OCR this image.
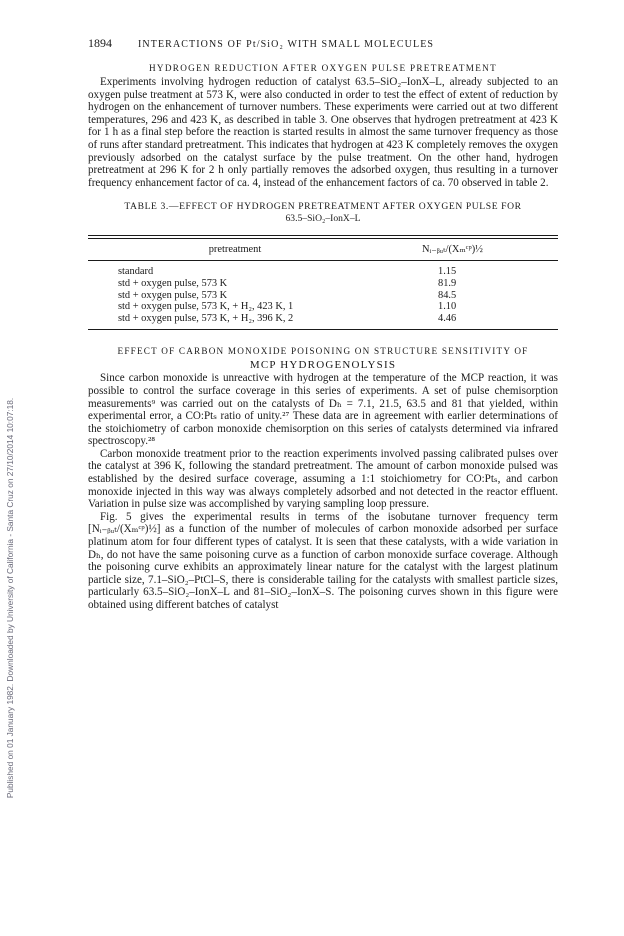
Published on 01 January 1982. Downloaded by University of California - Santa Cruz on 27/10/2014 10:07:18.
1894	INTERACTIONS OF Pt/SiO₂ WITH SMALL MOLECULES
HYDROGEN REDUCTION AFTER OXYGEN PULSE PRETREATMENT

Experiments involving hydrogen reduction of catalyst 63.5–SiO₂–IonX–L, already subjected to an oxygen pulse treatment at 573 K, were also conducted in order to test the effect of extent of reduction by hydrogen on the enhancement of turnover numbers. These experiments were carried out at two different temperatures, 296 and 423 K, as described in table 3. One observes that hydrogen pretreatment at 423 K for 1 h as a final step before the reaction is started results in almost the same turnover frequency as those of runs after standard pretreatment. This indicates that hydrogen at 423 K completely removes the oxygen previously adsorbed on the catalyst surface by the pulse treatment. On the other hand, hydrogen pretreatment at 296 K for 2 h only partially removes the adsorbed oxygen, thus resulting in a turnover frequency enhancement factor of ca. 4, instead of the enhancement factors of ca. 70 observed in table 2.

TABLE 3.—EFFECT OF HYDROGEN PRETREATMENT AFTER OXYGEN PULSE FOR
63.5–SiO₂–IonX–L

pretreatment	Nᵢ₋ᵦᵤₜ/(Xₘᶜᵖ)½
standard	1.15
std + oxygen pulse, 573 K	81.9
std + oxygen pulse, 573 K	84.5
std + oxygen pulse, 573 K, + H₂, 423 K, 1	1.10
std + oxygen pulse, 573 K, + H₂, 396 K, 2	4.46
EFFECT OF CARBON MONOXIDE POISONING ON STRUCTURE SENSITIVITY OF
MCP HYDROGENOLYSIS

Since carbon monoxide is unreactive with hydrogen at the temperature of the MCP reaction, it was possible to control the surface coverage in this series of experiments. A set of pulse chemisorption measurements⁹ was carried out on the catalysts of Dₕ = 7.1, 21.5, 63.5 and 81 that yielded, within experimental error, a CO:Ptₛ ratio of unity.²⁷ These data are in agreement with earlier determinations of the stoichiometry of carbon monoxide chemisorption on this series of catalysts determined via infrared spectroscopy.²⁸

Carbon monoxide treatment prior to the reaction experiments involved passing calibrated pulses over the catalyst at 396 K, following the standard pretreatment. The amount of carbon monoxide pulsed was established by the desired surface coverage, assuming a 1:1 stoichiometry for CO:Ptₛ, and carbon monoxide injected in this way was always completely adsorbed and not detected in the reactor effluent. Variation in pulse size was accomplished by varying sampling loop pressure.

Fig. 5 gives the experimental results in terms of the isobutane turnover frequency term [Nᵢ₋ᵦᵤₜ/(Xₘᶜᵖ)½] as a function of the number of molecules of carbon monoxide adsorbed per surface platinum atom for four different types of catalyst. It is seen that these catalysts, with a wide variation in Dₕ, do not have the same poisoning curve as a function of carbon monoxide surface coverage. Although the poisoning curve exhibits an approximately linear nature for the catalyst with the largest platinum particle size, 7.1–SiO₂–PtCl–S, there is considerable tailing for the catalysts with smallest particle sizes, particularly 63.5–SiO₂–IonX–L and 81–SiO₂–IonX–S. The poisoning curves shown in this figure were obtained using different batches of catalyst
